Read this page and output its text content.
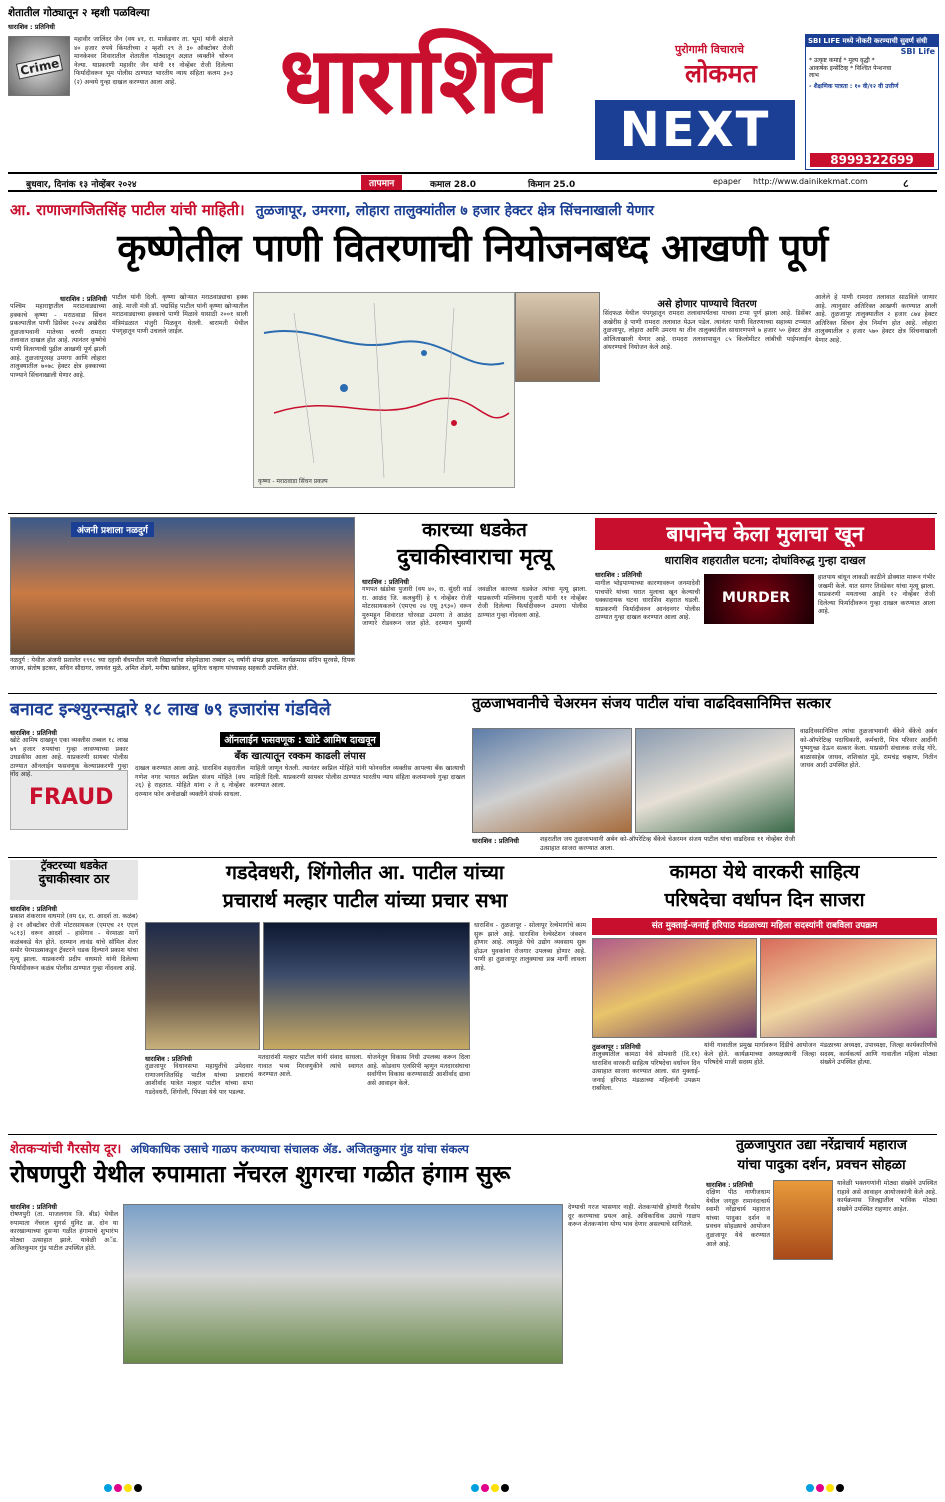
शेतातील गोठ्यातून २ म्हशी पळविल्या
धाराशिव : प्रतिनिधी
Crime
महावीर जालिंदर जैन (वय ४१, रा. मार्कंडवार ता. भूम) यांनी अंदाजे ४० हजार रुपये किंमतीच्या २ म्हशी २९ ते ३० ऑक्टोबर रोजी मानकेश्वर शिवारातील शेतातील गोठ्यातून अज्ञात व्यक्तीने चोरून नेल्या. याप्रकरणी महावीर जैन यांनी ११ नोव्हेंबर रोजी दिलेल्या फिर्यादीवरून भूम पोलीस ठाण्यात भारतीय न्याय संहिता कलम ३०३ (२) अन्वये गुन्हा दाखल करण्यात आला आहे.	धाराशिव	पुरोगामी विचाराचे
लोकमत
NEXT
SBI LIFE मध्ये नोकरी करण्याची सुवर्ण संधी
SBI Life
* उत्कृष्ट कमाई * मूल्य वृद्धी * आकर्षक इन्सेंटिव्ह * निश्चित पेन्शनचा लाभ
- शैक्षणिक पात्रता : १० वी/१२ वी उत्तीर्ण
8999322699
बुधवार, दिनांक १३ नोव्हेंबर २०२४	तापमान	कमाल 28.0	किमान 25.0	epaper http://www.dainikekmat.com	८
आ. राणाजगजितसिंह पाटील यांची माहिती। तुळजापूर, उमरगा, लोहारा तालुक्यांतील ७ हजार हेक्टर क्षेत्र सिंचनाखाली येणार
कृष्णेतील पाणी वितरणाची नियोजनबध्द आखणी पूर्ण
धाराशिव : प्रतिनिधी
पश्चिम महाराष्ट्रातील मराठवाड्याच्या हक्काचे कृष्णा - मराठवाडा सिंचन प्रकल्पातील पाणी डिसेंबर २०२४ अखेरीस तुळजाभवानी मातेच्या चरणी रामदरा तलावात दाखल होत आहे. त्यानंतर कृष्णेचे पाणी वितरणाची पुढील आखणी पूर्ण झाली आहे. तुळजापूरसह उमरगा आणि लोहारा तालुक्यातील ७०७८ हेक्टर क्षेत्र हक्काच्या पाण्याने सिंचनाखाली येणार आहे.
पाटील यांनी दिली. कृष्णा खोऱ्यात मराठवाड्याचा हक्क आहे. माजी मंत्री डॉ. पद्मसिंह पाटील यांनी कृष्णा खोऱ्यातील मराठवाड्याच्या हक्काचे पाणी मिळावे यासाठी २००१ साली मंत्रिमंडळात मंजुरी मिळवून घेतली. बारामती येथील पंपगृहातून पाणी उचलले जाईल.
कृष्णा - मराठवाडा सिंचन प्रकल्प
असे होणार पाण्याचे वितरण
सिंदफळ येथील पंपगृहातून रामदरा तलावापर्यंतचा पाचवा टप्पा पूर्ण झाला आहे. डिसेंबर अखेरीस हे पाणी रामदरा तलावात येऊन पडेल. त्यानंतर पाणी वितरणाच्या सहाव्या टप्प्यात तुळजापूर, लोहारा आणि उमरगा या तीन तालुक्यांतील साधारणपणे ७ हजार ५० हेक्टर क्षेत्र ओलिताखाली येणार आहे. रामदरा तलावापासून ८५ किलोमीटर लांबीची पाईपलाईन अंथरण्याचे नियोजन केले आहे.
आलेले हे पाणी रामदरा तलावात साठविले जाणार आहे. त्यानुसार अतिरिक्त आखणी करण्यात आली आहे. तुळजापूर तालुक्यातील २ हजार ८७४ हेक्टर अतिरिक्त सिंचन क्षेत्र निर्माण होत आहे. लोहारा तालुक्यातील २ हजार ५७० हेक्टर क्षेत्र सिंचनाखाली येणार आहे.
अंजनी प्रशाला नळदुर्ग
नळदुर्ग : येथील अंजनी प्रशालेत १९९८ च्या दहावी बॅचमधील माजी विद्यार्थ्यांचा स्नेहमेळावा तब्बल २६ वर्षांनी संपन्न झाला. कार्यक्रमास संदिप सुरवसे, दिपक जाधव, संतोष इटकर, सचिन सौदागर, जयवंत मुळे, अमित शेंडगे, मनीषा खांडेकर, सुनिता चव्हाण यांच्यासह सहकारी उपस्थित होते.
कारच्या धडकेत
दुचाकीस्वाराचा मृत्यू
धाराशिव : प्रतिनिधी
गणपत खंडोबा पुजारी (वय ४०, रा. सुंदरी वार्ड रा. आळंद जि. कलबुर्गी) हे ९ नोव्हेंबर रोजी मोटरसायकलने (एमएच २४ एयू ३९३०) वरून मुरुमहून शिवारात घोरवडा उमरगा ते आळंद जाणारे रोडवरून जात होते. दरम्यान भुसणी जवळील कारच्या धडकेत त्यांचा मृत्यू झाला. याप्रकरणी मल्लिनाथ पुजारी यांनी ११ नोव्हेंबर रोजी दिलेल्या फिर्यादीवरून उमरगा पोलीस ठाण्यात गुन्हा नोंदवला आहे.
बापानेच केला मुलाचा खून
धाराशिव शहरातील घटना; दोघांविरुद्ध गुन्हा दाखल
धाराशिव : प्रतिनिधी
मागील भोइपाण्याच्या कारणावरून जनमादेवी पाचपोरे यांच्या घरात मुलाचा खून केल्याची धक्कादायक घटना धाराशिव शहरात घडली. याप्रकरणी फिर्यादीवरुन आनंदनगर पोलीस ठाण्यात गुन्हा दाखल करण्यात आला आहे.
MURDER
हातपाय बांधून लाकडी काठीने डोक्यात मारून गंभीर जखमी केले. यात सागर तिवंडेकर यांचा मृत्यू झाला. याप्रकरणी मयताच्या आईने १२ नोव्हेंबर रोजी दिलेल्या फिर्यादीवरून गुन्हा दाखल करण्यात आला आहे.
बनावट इन्श्युरन्सद्वारे १८ लाख ७९ हजारांस गंडविले
धाराशिव : प्रतिनिधी
FRAUD
खोटे आमिष दाखवून एका व्यक्तीस तब्बल १८ लाख ७९ हजार रुपयांचा गुन्हा लावण्याच्या प्रकार उघडकीस आला आहे. याप्रकरणी सायबर पोलीस ठाण्यात ऑनलाईन फसवणुक केल्याप्रकरणी गुन्हा नोंद आहे.
ऑनलाईन फसवणूक : खोटे आमिष दाखवून
बँक खात्यातून रक्कम काढली लंपास
दाखल करण्यात आला आहे. धाराशिव शहरातील गणेश नगर भागात स्वप्निल संजय मोहिते (वय २६) हे राहतात. मोहिते यांना २ ते ६ नोव्हेंबर दरम्यान फोन अनोळखी व्यक्तीने संपर्क साधला.
माहिती जाणून घेतली. त्यानंतर स्वप्निल मोहिते यांनी फोनवरील व्यक्तीस आपल्या बँक खात्याची माहिती दिली. याप्रकरणी सायबर पोलीस ठाण्यात भारतीय न्याय संहिता कलमान्वये गुन्हा दाखल करण्यात आला.
तुळजाभवानीचे चेअरमन संजय पाटील यांचा वाढदिवसानिमित्त सत्कार
धाराशिव : प्रतिनिधी	शहरातील जय तुळजाभवानी अर्बन को-ऑपरेटिव्ह बँकेचे चेअरमन संजय पाटील यांचा वाढदिवस ११ नोव्हेंबर रोजी उत्साहात साजरा करण्यात आला.
वाढदिवसानिमित्त त्यांचा तुळजाभवानी बँकेने बँकेचे अर्बन को-ऑपरेटिव्ह पदाधिकारी, कर्मचारी, मित्र परिवार आदींनी पुष्पगुच्छ देऊन सत्कार केला. याप्रसंगी संचालक राजेंद्र गोरे, बाळासाहेब जाधव, शशिकांत मुंडे, रामचंद्र चव्हाण, नितीन जाधव आदी उपस्थित होते.
ट्रॅक्टरच्या धडकेत
दुचाकीस्वार ठार
धाराशिव : प्रतिनिधी
प्रकाश शंकरराव वाघमारे (वय ६४, रा. आदर्श ता. कळंब) हे २१ ऑक्टोबर रोजी मोटरसायकल (एमएच २१ एएल ५८१३) वरून आदर्श - हासेगाव - येरमाळा मार्गे कळंबकडे येत होते. दरम्यान लावंड यांचे सॉमिल शेतर समोर येरमाळ्याकडून ट्रॅक्टरने धडक दिल्याने प्रकाश यांचा मृत्यू झाला. याप्रकरणी प्रदीप वाघमारे यांनी दिलेल्या फिर्यादीवरून कळंब पोलीस ठाण्यात गुन्हा नोंदवला आहे.
गडदेवधरी, शिंगोलीत आ. पाटील यांच्या
प्रचारार्थ मल्हार पाटील यांच्या प्रचार सभा
धाराशिव : प्रतिनिधी
तुळजापूर विधानसभा महायुतीचे उमेदवार राणाजगजितसिंह पाटील यांच्या प्रचारार्थ आशीर्वाद यात्रेत मल्हार पाटील यांच्या सभा गडदेवधरी, शिंगोली, पिंपळा येथे पार पडल्या.
मतदारांशी मल्हार पाटील यांनी संवाद साधला. गावात भव्य मिरवणुकीने त्यांचे स्वागत करण्यात आले.
योजनेतून विकास निधी उपलब्ध करून दिला आहे. कोडवाय एलसिपी म्हणून मतदारसंघाचा सर्वांगीण विकास करण्यासाठी आशीर्वाद द्यावा असे आवाहन केले.
धाराशिव - तुळजापूर - सोलापूर रेल्वेमार्गाचे काम सुरू झाले आहे. धाराशिव रेल्वेस्टेशन जंक्शन होणार आहे. त्यामुळे येथे उद्योग व्यवसाय सुरू होऊन युवकांना रोजगार उपलब्ध होणार आहे. पाणी हा तुळजापूर तालुक्याचा प्रश्न मार्गी लावला आहे.
कामठा येथे वारकरी साहित्य
परिषदेचा वर्धापन दिन साजरा
संत मुक्ताई-जनाई हरिपाठ मंडळाच्या महिला सदस्यांनी राबविला उपक्रम
तुळजापूर : प्रतिनिधी
तालुक्यातील कामठा येथे सोमवारी (दि.११) धाराशिव वारकरी साहित्य परिषदेचा वर्धापन दिन उत्साहात साजरा करण्यात आला. संत मुक्ताई-जनाई हरिपाठ मंडळाच्या महिलांनी उपक्रम राबविला.
यांनी गावातील प्रमुख मार्गावरून दिंडीचे आयोजन केले होते. कार्यक्रमाच्या अध्यक्षस्थानी जिल्हा परिषदेचे माजी सदस्य होते.
मंडळाच्या अध्यक्षा, उपाध्यक्षा, जिल्हा कार्यकारिणीचे सदस्य, कार्यकर्त्या आणि गावातील महिला मोठ्या संख्येने उपस्थित होत्या.
शेतकऱ्यांची गैरसोय दूर। अधिकाधिक उसाचे गाळप करण्याचा संचालक ॲड. अजितकुमार गुंड यांचा संकल्प
रोषणपुरी येथील रुपामाता नॅचरल शुगरचा गळीत हंगाम सुरू
धाराशिव : प्रतिनिधी
रोषणपुरी (ता. माजलगाव जि. बीड) येथील रुपामाता नॅचरल शुगर्स युनिट क्र. दोन या कारखान्याच्या दुसऱ्या गळीत हंगामाचे शुभारंभ मोठ्या उत्साहात झाले. यावेळी अॅड. अजितकुमार गुंड पाटील उपस्थित होते.
देण्याची गरज भासणार नाही. शेतकऱ्यांची होणारी गैरसोय दूर करण्याचा प्रयत्न आहे. अधिकाधिक उसाचे गाळप करून शेतकऱ्यांना योग्य भाव देणार असल्याचे सांगितले.
तुळजापुरात उद्या नरेंद्राचार्य महाराज
यांचा पादुका दर्शन, प्रवचन सोहळा
धाराशिव : प्रतिनिधी
दक्षिण पीठ नाणीजधाम येथील जगद्गुरु रामानंदाचार्य स्वामी नरेंद्राचार्य महाराज यांच्या पादुका दर्शन व प्रवचन सोहळ्याचे आयोजन तुळजापूर येथे करण्यात आले आहे.
यावेळी भक्तगणांनी मोठ्या संख्येने उपस्थित राहावे असे आवाहन आयोजकांनी केले आहे. कार्यक्रमास जिल्ह्यातील भाविक मोठ्या संख्येने उपस्थित राहणार आहेत.
